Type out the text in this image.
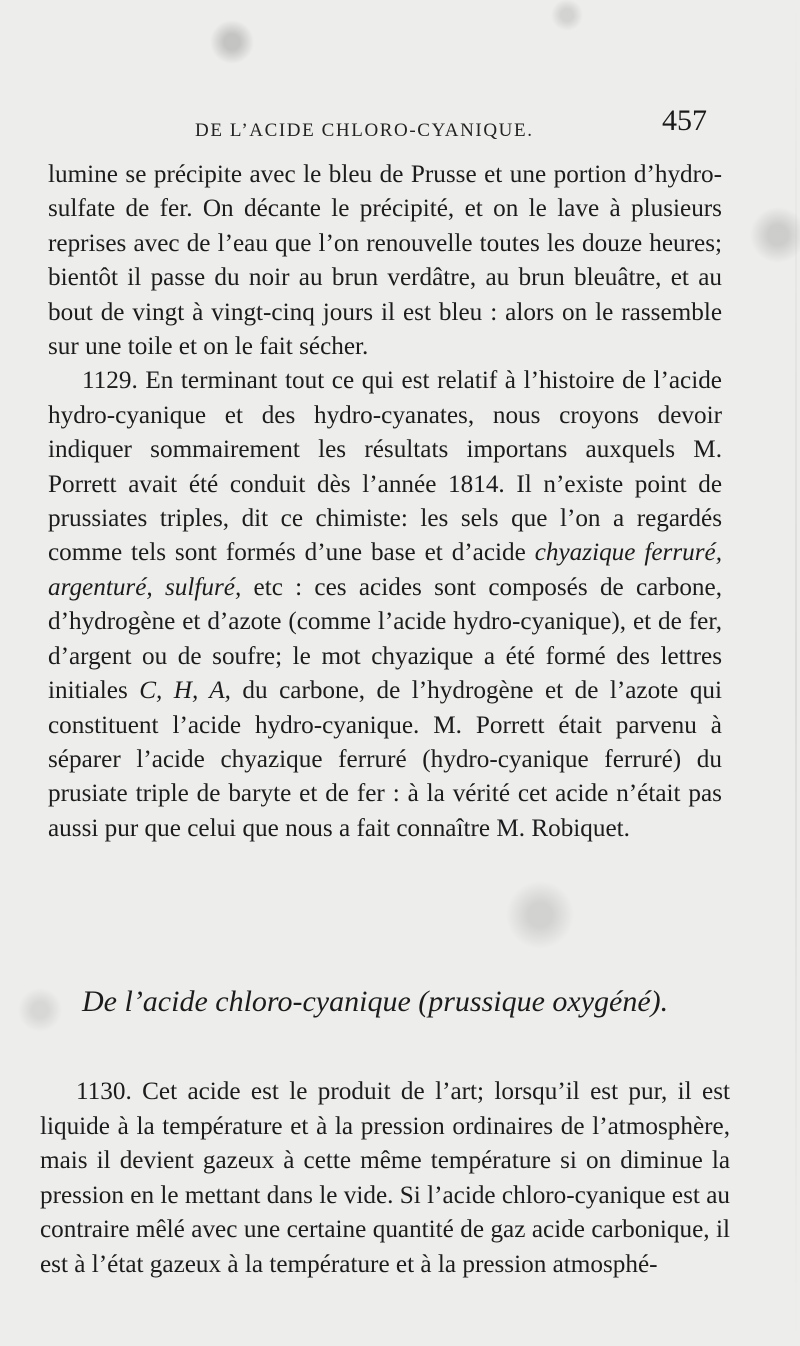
DE L’ACIDE CHLORO-CYANIQUE.	457

lumine se précipite avec le bleu de Prusse et une portion d’hydro-sulfate de fer. On décante le précipité, et on le lave à plusieurs reprises avec de l’eau que l’on renouvelle toutes les douze heures; bientôt il passe du noir au brun verdâtre, au brun bleuâtre, et au bout de vingt à vingt-cinq jours il est bleu : alors on le rassemble sur une toile et on le fait sécher.

1129. En terminant tout ce qui est relatif à l’histoire de l’acide hydro-cyanique et des hydro-cyanates, nous croyons devoir indiquer sommairement les résultats importans auxquels M. Porrett avait été conduit dès l’année 1814. Il n’existe point de prussiates triples, dit ce chimiste: les sels que l’on a regardés comme tels sont formés d’une base et d’acide chyazique ferruré, argenturé, sulfuré, etc : ces acides sont composés de carbone, d’hydrogène et d’azote (comme l’acide hydro-cyanique), et de fer, d’argent ou de soufre; le mot chyazique a été formé des lettres initiales C, H, A, du carbone, de l’hydrogène et de l’azote qui constituent l’acide hydro-cyanique. M. Porrett était parvenu à séparer l’acide chyazique ferruré (hydro-cyanique ferruré) du prusiate triple de baryte et de fer : à la vérité cet acide n’était pas aussi pur que celui que nous a fait connaître M. Robiquet.

De l’acide chloro-cyanique (prussique oxygéné).

1130. Cet acide est le produit de l’art; lorsqu’il est pur, il est liquide à la température et à la pression ordinaires de l’atmosphère, mais il devient gazeux à cette même température si on diminue la pression en le mettant dans le vide. Si l’acide chloro-cyanique est au contraire mêlé avec une certaine quantité de gaz acide carbonique, il est à l’état gazeux à la température et à la pression atmosphé-
